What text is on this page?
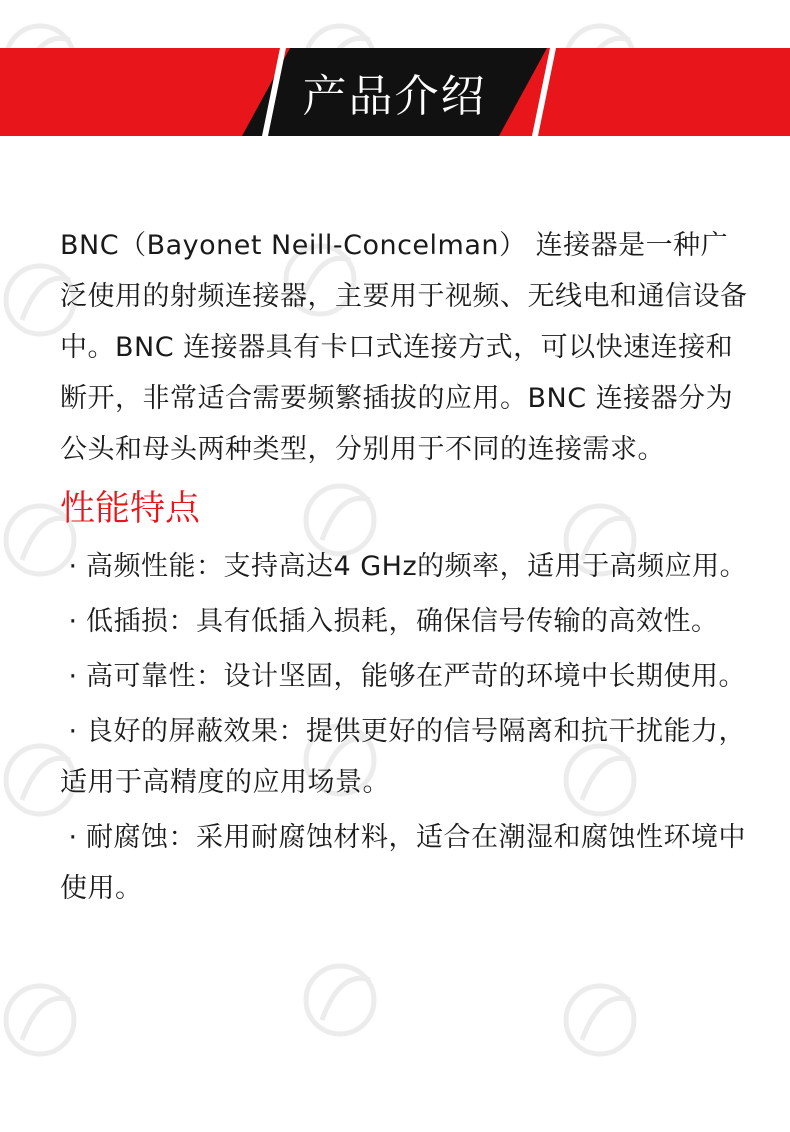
产品介绍

BNC（Bayonet Neill-Concelman） 连接器是一种广泛使用的射频连接器，主要用于视频、无线电和通信设备中。BNC 连接器具有卡口式连接方式，可以快速连接和断开，非常适合需要频繁插拔的应用。BNC 连接器分为公头和母头两种类型，分别用于不同的连接需求。

性能特点
· 高频性能：支持高达4 GHz的频率，适用于高频应用。
· 低插损：具有低插入损耗，确保信号传输的高效性。
· 高可靠性：设计坚固，能够在严苛的环境中长期使用。
· 良好的屏蔽效果：提供更好的信号隔离和抗干扰能力，适用于高精度的应用场景。
· 耐腐蚀：采用耐腐蚀材料，适合在潮湿和腐蚀性环境中使用。
